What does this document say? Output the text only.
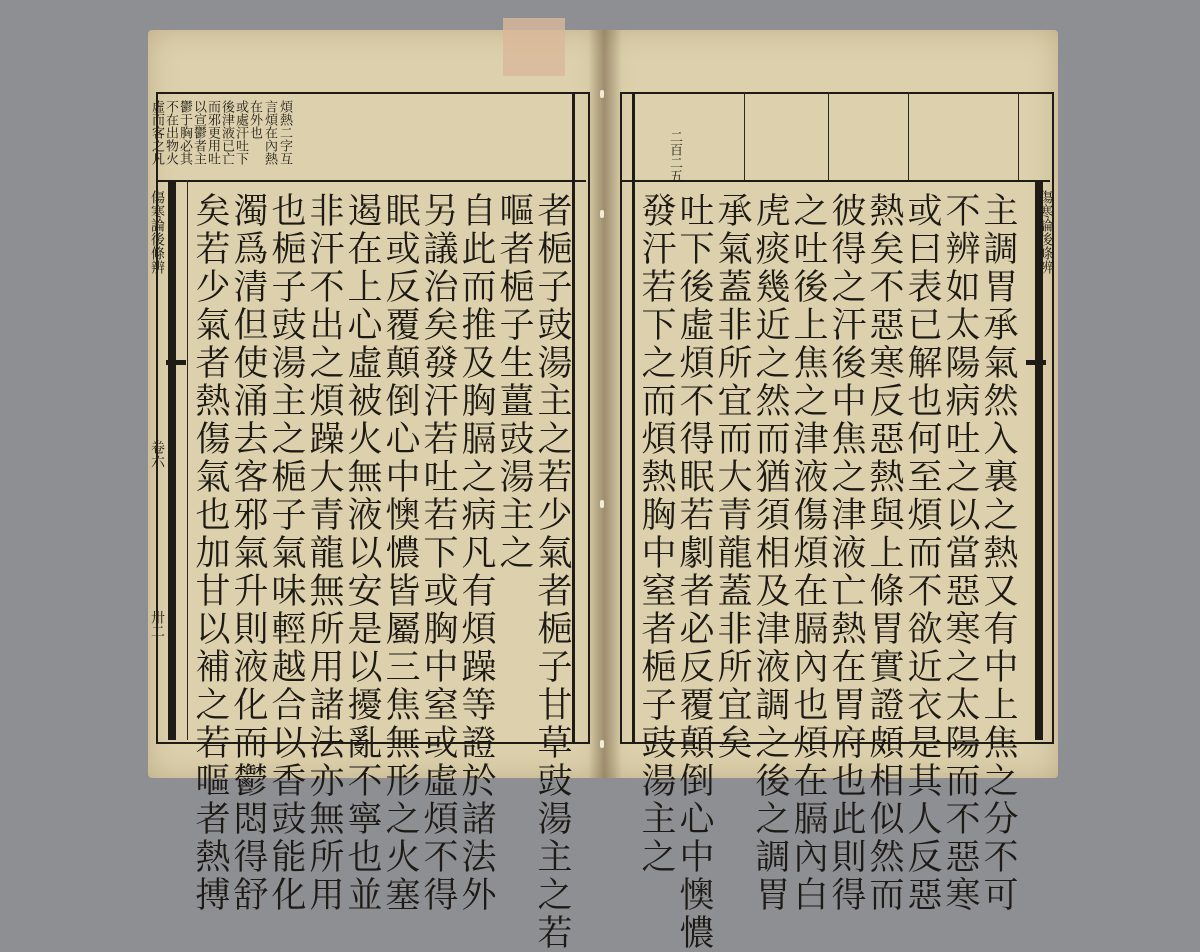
煩熱二字互
言煩在內熱
在外也
或處汗吐下
後津液已亡
而邪更用吐
以宣鬱者主
鬱于胸必其
不在出物火
虛而客之凡
傷寒論後條辨
卷六
卅二	者梔子豉湯主之若少氣者梔子甘草豉湯主之若
嘔者梔子生薑豉湯主之
自此而推及胸膈之病凡有煩躁等證於諸法外
另議治矣發汗若吐若下或胸中窒或虛煩不得
眠或反覆顛倒心中懊憹皆屬三焦無形之火塞
遏在上心虛被火無液以安是以擾亂不寧也並
非汗不出之煩躁大青龍無所用諸法亦無所用
也梔子豉湯主之梔子氣味輕越合以香豉能化
濁爲清但使涌去客邪氣升則液化而鬱悶得舒
矣若少氣者熱傷氣也加甘以補之若嘔者熱搏
二百二五
傷寒論後條辨
發汗若下之而煩熱胸中窒者梔子豉湯主之
吐下後虛煩不得眠若劇者必反覆顛倒心中懊憹
承氣蓋非所宜而大青龍蓋非所宜矣
虎痰幾近之然而猶須相及津液調之後之調胃
之吐後上焦之津液傷煩在膈內也煩在膈內白
彼得之汗後中焦之津液亡熱在胃府也此則得
熱矣不惡寒反惡熱與上條胃實證頗相似然而
或曰表已解也何至煩而不欲近衣是其人反惡
不辨如太陽病吐之以當惡寒之太陽而不惡寒
主調胃承氣然入裏之熱又有中上焦之分不可
